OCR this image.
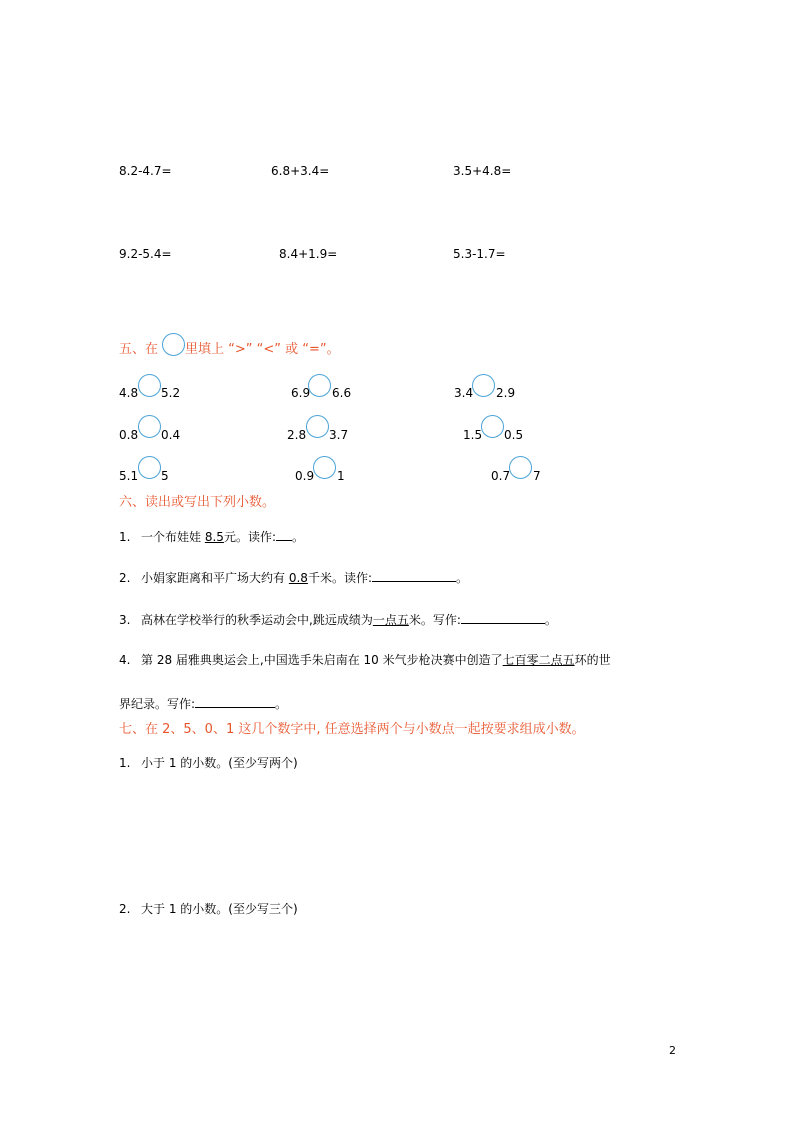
8.2-4.7=	6.8+3.4=	3.5+4.8=
9.2-5.4=	8.4+1.9=	5.3-1.7=
五、在 里填上 “>” “<” 或 “=”。
4.8 5.2	6.9 6.6	3.4 2.9
0.8 0.4	2.8 3.7	1.5 0.5
5.1 5	0.9 1	0.7 7
六、读出或写出下列小数。
1. 一个布娃娃 8.5元。读作: 。
2. 小娟家距离和平广场大约有 0.8千米。读作:	。
3. 高林在学校举行的秋季运动会中,跳远成绩为一点五米。写作:	。
4. 第 28 届雅典奥运会上,中国选手朱启南在 10 米气步枪决赛中创造了七百零二点五环的世
界纪录。写作:	。
七、在 2、5、0、1 这几个数字中, 任意选择两个与小数点一起按要求组成小数。
1. 小于 1 的小数。(至少写两个)
2. 大于 1 的小数。(至少写三个)
2
